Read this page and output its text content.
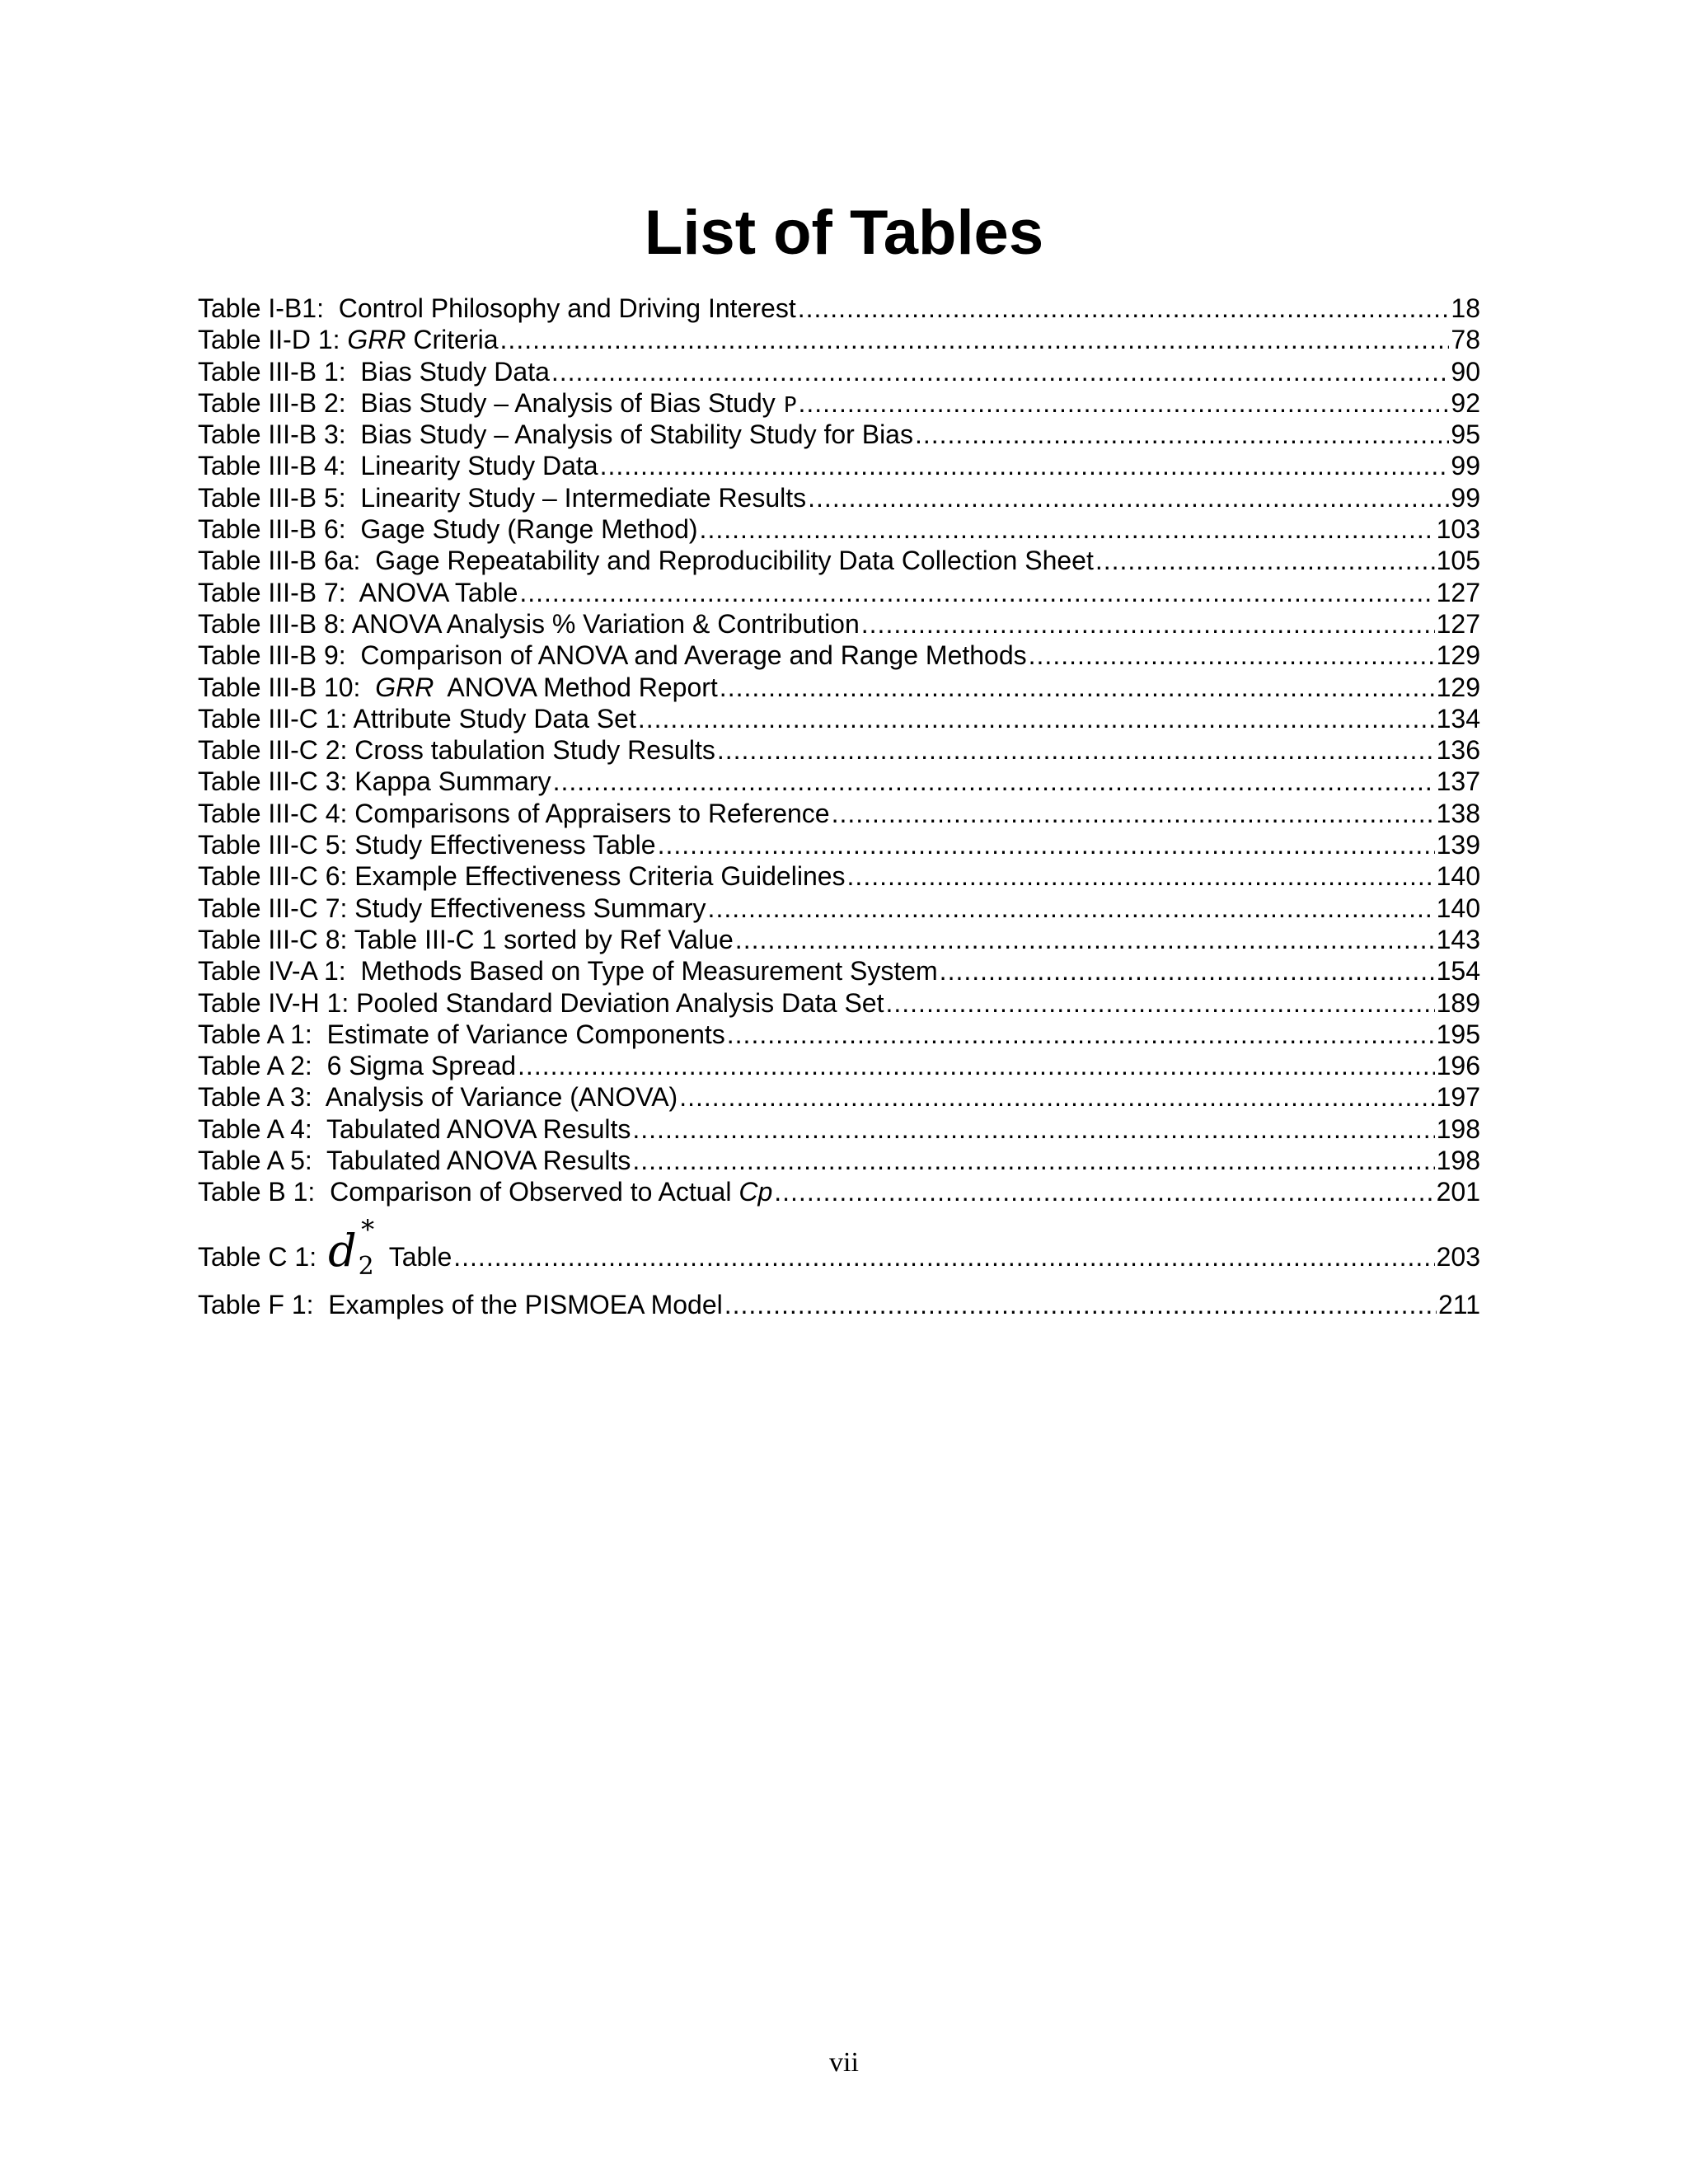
List of Tables
Table I-B1:  Control Philosophy and Driving Interest .....	18
Table II-D 1: GRR Criteria .....	78
Table III-B 1:  Bias Study Data .....	90
Table III-B 2:  Bias Study – Analysis of Bias Study P .....	92
Table III-B 3:  Bias Study – Analysis of Stability Study for Bias .....	95
Table III-B 4:  Linearity Study Data .....	99
Table III-B 5:  Linearity Study – Intermediate Results .....	99
Table III-B 6:  Gage Study (Range Method) .....	103
Table III-B 6a:  Gage Repeatability and Reproducibility Data Collection Sheet .....	105
Table III-B 7:  ANOVA Table .....	127
Table III-B 8: ANOVA Analysis % Variation & Contribution .....	127
Table III-B 9:  Comparison of ANOVA and Average and Range Methods .....	129
Table III-B 10:  GRR  ANOVA Method Report .....	129
Table III-C 1: Attribute Study Data Set .....	134
Table III-C 2: Cross tabulation Study Results .....	136
Table III-C 3: Kappa Summary .....	137
Table III-C 4: Comparisons of Appraisers to Reference .....	138
Table III-C 5: Study Effectiveness Table .....	139
Table III-C 6: Example Effectiveness Criteria Guidelines .....	140
Table III-C 7: Study Effectiveness Summary .....	140
Table III-C 8: Table III-C 1 sorted by Ref Value .....	143
Table IV-A 1:  Methods Based on Type of Measurement System .....	154
Table IV-H 1: Pooled Standard Deviation Analysis Data Set .....	189
Table A 1:  Estimate of Variance Components .....	195
Table A 2:  6 Sigma Spread .....	196
Table A 3:  Analysis of Variance (ANOVA) .....	197
Table A 4:  Tabulated ANOVA Results .....	198
Table A 5:  Tabulated ANOVA Results .....	198
Table B 1:  Comparison of Observed to Actual Cp .....	201
Table C 1: d2
*
Table .....	203
Table F 1:  Examples of the PISMOEA Model .....	211
vii
